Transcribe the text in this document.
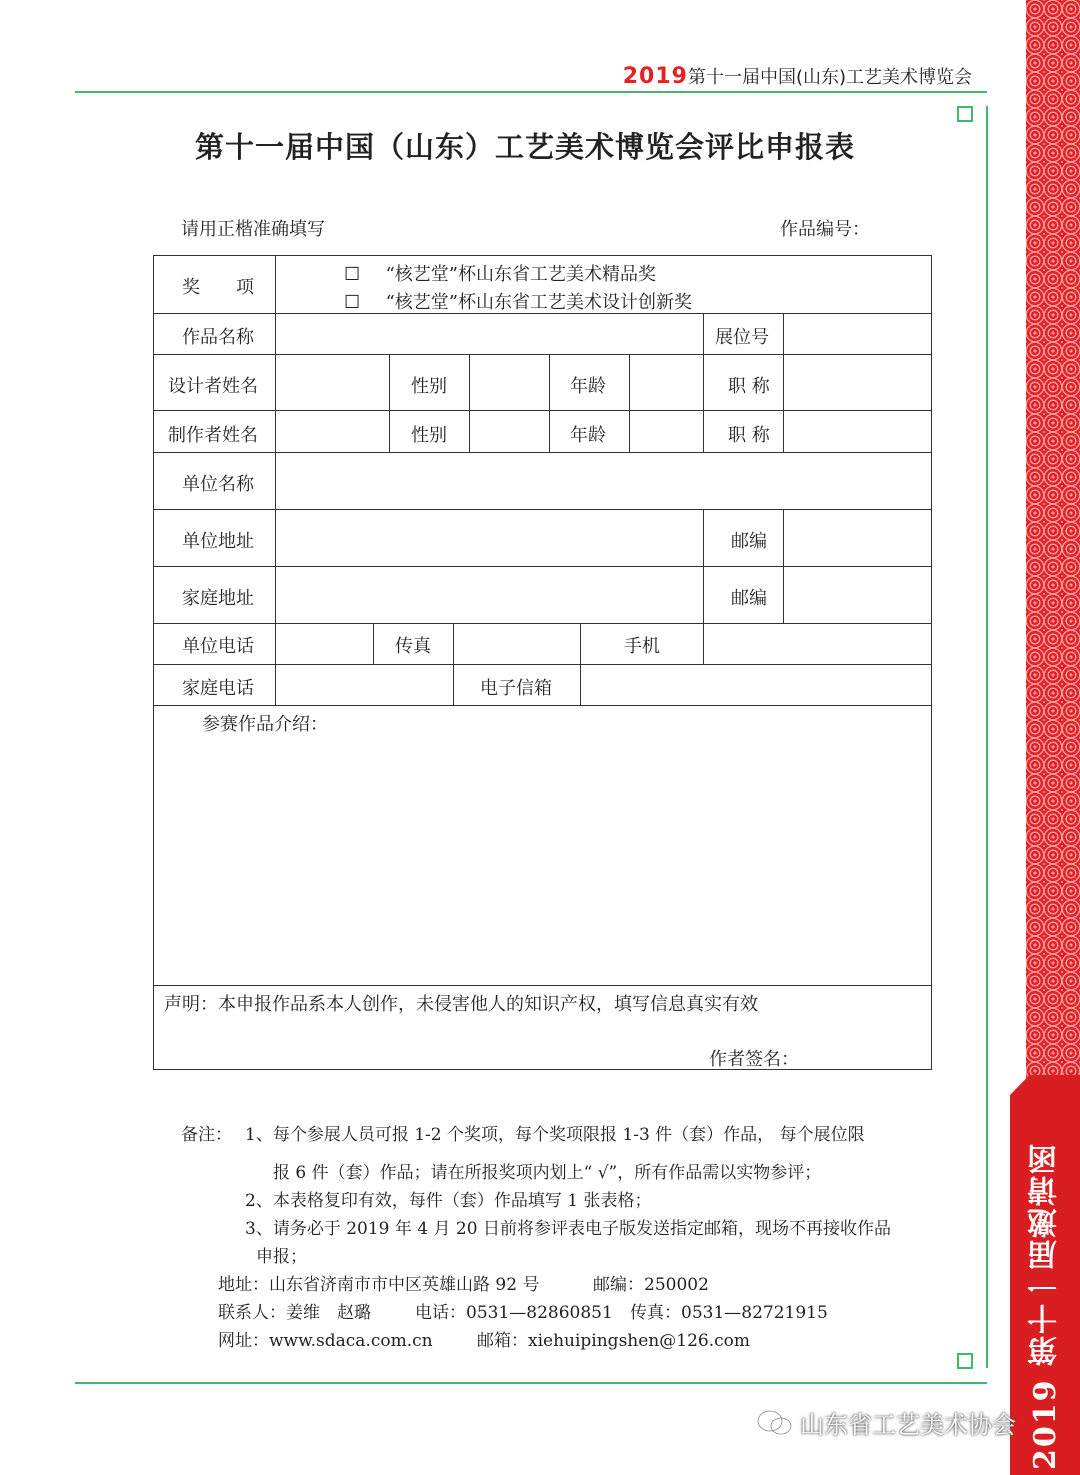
2019 第十一届邀请函
2019第十一届中国(山东)工艺美术博览会
第十一届中国（山东）工艺美术博览会评比申报表
请用正楷准确填写	作品编号：
奖　　项
☐ “核艺堂”杯山东省工艺美术精品奖
☐ “核艺堂”杯山东省工艺美术设计创新奖
作品名称	展位号
设计者姓名	性别	年龄	职 称
制作者姓名	性别	年龄	职 称
单位名称
单位地址	邮编
家庭地址	邮编
单位电话	传真	手机
家庭电话	电子信箱
参赛作品介绍：
声明：本申报作品系本人创作，未侵害他人的知识产权，填写信息真实有效
作者签名：
备注： 1、每个参展人员可报 1-2 个奖项，每个奖项限报 1-3 件（套）作品， 每个展位限
报 6 件（套）作品；请在所报奖项内划上“ √”，所有作品需以实物参评；
2、本表格复印有效，每件（套）作品填写 1 张表格；
3、请务必于 2019 年 4 月 20 日前将参评表电子版发送指定邮箱，现场不再接收作品
申报；
地址：山东省济南市市中区英雄山路 92 号	邮编：250002
联系人：姜维　赵璐	电话：0531—82860851 传真：0531—82721915
网址：www.sdaca.com.cn	邮箱：xiehuipingshen@126.com
山东省工艺美术协会
